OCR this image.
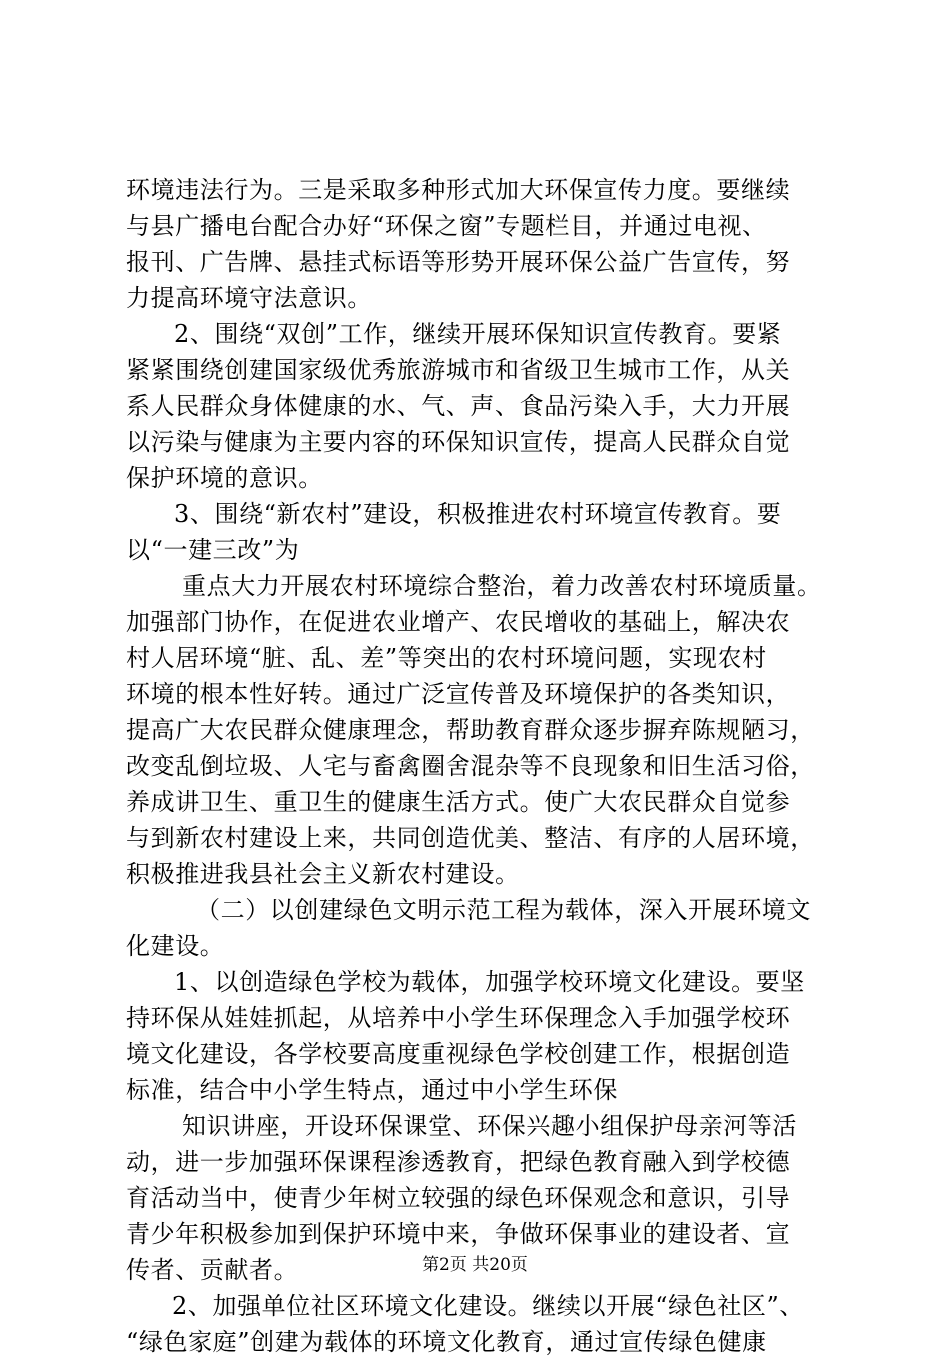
环境违法行为。三是采取多种形式加大环保宣传力度。要继续
与县广播电台配合办好“环保之窗”专题栏目，并通过电视、
报刊、广告牌、悬挂式标语等形势开展环保公益广告宣传，努
力提高环境守法意识。
2、围绕“双创”工作，继续开展环保知识宣传教育。要紧
紧紧围绕创建国家级优秀旅游城市和省级卫生城市工作，从关
系人民群众身体健康的水、气、声、食品污染入手，大力开展
以污染与健康为主要内容的环保知识宣传，提高人民群众自觉
保护环境的意识。
3、围绕“新农村”建设，积极推进农村环境宣传教育。要
以“一建三改”为
重点大力开展农村环境综合整治，着力改善农村环境质量。
加强部门协作，在促进农业增产、农民增收的基础上，解决农
村人居环境“脏、乱、差”等突出的农村环境问题，实现农村
环境的根本性好转。通过广泛宣传普及环境保护的各类知识，
提高广大农民群众健康理念，帮助教育群众逐步摒弃陈规陋习，
改变乱倒垃圾、人宅与畜禽圈舍混杂等不良现象和旧生活习俗，
养成讲卫生、重卫生的健康生活方式。使广大农民群众自觉参
与到新农村建设上来，共同创造优美、整洁、有序的人居环境，
积极推进我县社会主义新农村建设。
（二）以创建绿色文明示范工程为载体，深入开展环境文
化建设。
1、以创造绿色学校为载体，加强学校环境文化建设。要坚
持环保从娃娃抓起，从培养中小学生环保理念入手加强学校环
境文化建设，各学校要高度重视绿色学校创建工作，根据创造
标准，结合中小学生特点，通过中小学生环保
知识讲座，开设环保课堂、环保兴趣小组保护母亲河等活
动，进一步加强环保课程渗透教育，把绿色教育融入到学校德
育活动当中，使青少年树立较强的绿色环保观念和意识，引导
青少年积极参加到保护环境中来，争做环保事业的建设者、宣
传者、贡献者。
2、加强单位社区环境文化建设。继续以开展“绿色社区”、
“绿色家庭”创建为载体的环境文化教育，通过宣传绿色健康
第2页 共20页
